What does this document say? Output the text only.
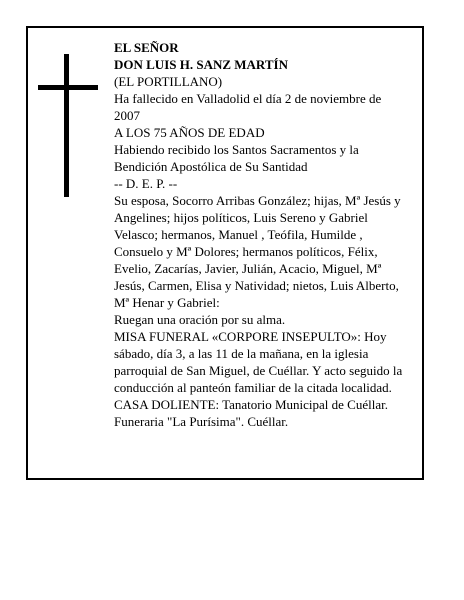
EL SEÑOR

DON LUIS H. SANZ MARTÍN

(EL PORTILLANO)

Ha fallecido en Valladolid el día 2 de noviembre de 2007

A LOS 75 AÑOS DE EDAD

Habiendo recibido los Santos Sacramentos y la Bendición Apostólica de Su Santidad

-- D. E. P. --

Su esposa, Socorro Arribas González; hijas, Mª Jesús y Angelines; hijos políticos, Luis Sereno y Gabriel Velasco; hermanos, Manuel , Teófila, Humilde , Consuelo y Mª Dolores; hermanos políticos, Félix, Evelio, Zacarías, Javier, Julián, Acacio, Miguel, Mª Jesús, Carmen, Elisa y Natividad; nietos, Luis Alberto, Mª Henar y Gabriel:

Ruegan una oración por su alma.

MISA FUNERAL «CORPORE INSEPULTO»: Hoy sábado, día 3, a las 11 de la mañana, en la iglesia parroquial de San Miguel, de Cuéllar. Y acto seguido la conducción al panteón familiar de la citada localidad.

CASA DOLIENTE: Tanatorio Municipal de Cuéllar. Funeraria "La Purísima". Cuéllar.
